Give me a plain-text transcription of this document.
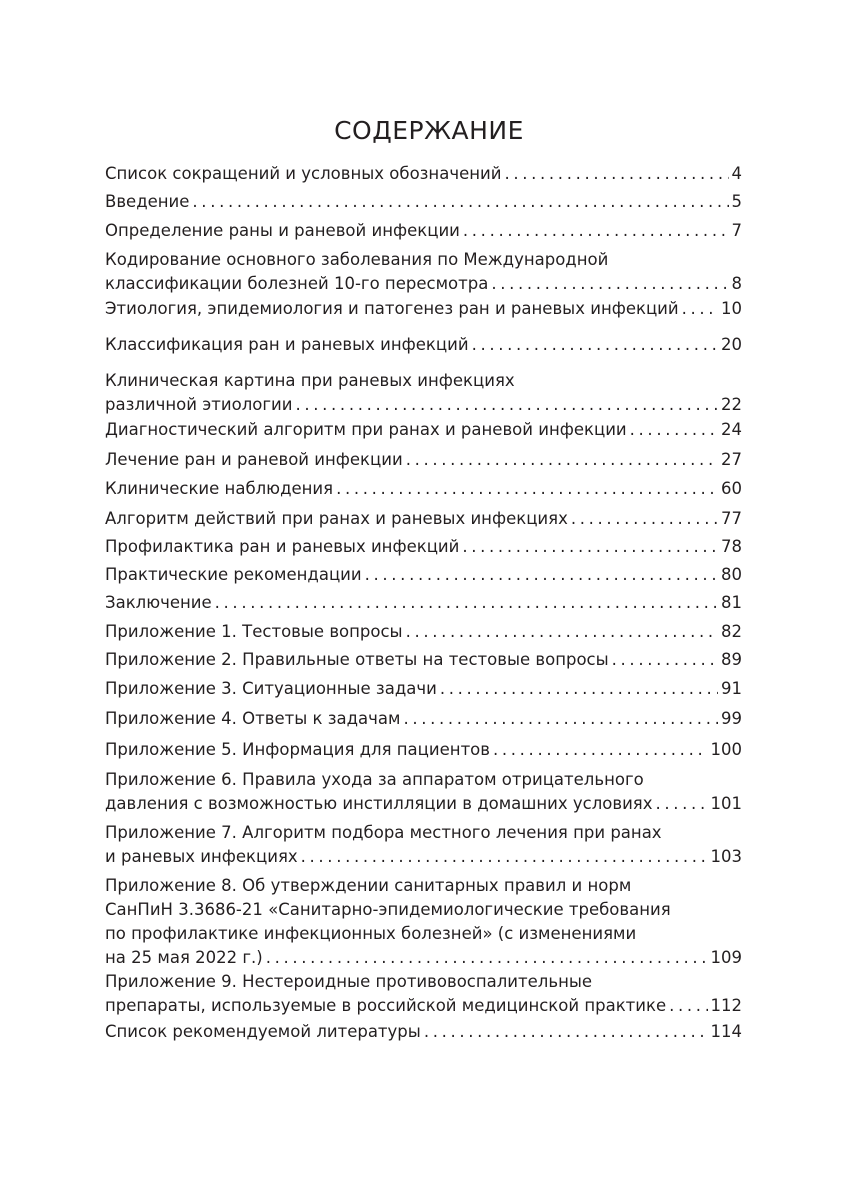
СОДЕРЖАНИЕ
Список сокращений и условных обозначений . . .	4
Введение . . .	5
Определение раны и раневой инфекции . . .	7
Кодирование основного заболевания по Международной
классификации болезней 10-го пересмотра . . .	8
Этиология, эпидемиология и патогенез ран и раневых инфекций . . .	10
Классификация ран и раневых инфекций . . .	20
Клиническая картина при раневых инфекциях
различной этиологии . . .	22
Диагностический алгоритм при ранах и раневой инфекции . . .	24
Лечение ран и раневой инфекции . . .	27
Клинические наблюдения . . .	60
Алгоритм действий при ранах и раневых инфекциях . . .	77
Профилактика ран и раневых инфекций . . .	78
Практические рекомендации . . .	80
Заключение . . .	81
Приложение 1. Тестовые вопросы . . .	82
Приложение 2. Правильные ответы на тестовые вопросы . . .	89
Приложение 3. Ситуационные задачи . . .	91
Приложение 4. Ответы к задачам . . .	99
Приложение 5. Информация для пациентов . . .	100
Приложение 6. Правила ухода за аппаратом отрицательного
давления с возможностью инстилляции в домашних условиях . . .	101
Приложение 7. Алгоритм подбора местного лечения при ранах
и раневых инфекциях . . .	103
Приложение 8. Об утверждении санитарных правил и норм
СанПиН 3.3686-21 «Санитарно-эпидемиологические требования
по профилактике инфекционных болезней» (с изменениями
на 25 мая 2022 г.) . . .	109
Приложение 9. Нестероидные противовоспалительные
препараты, используемые в российской медицинской практике . . .	112
Список рекомендуемой литературы . . .	114
